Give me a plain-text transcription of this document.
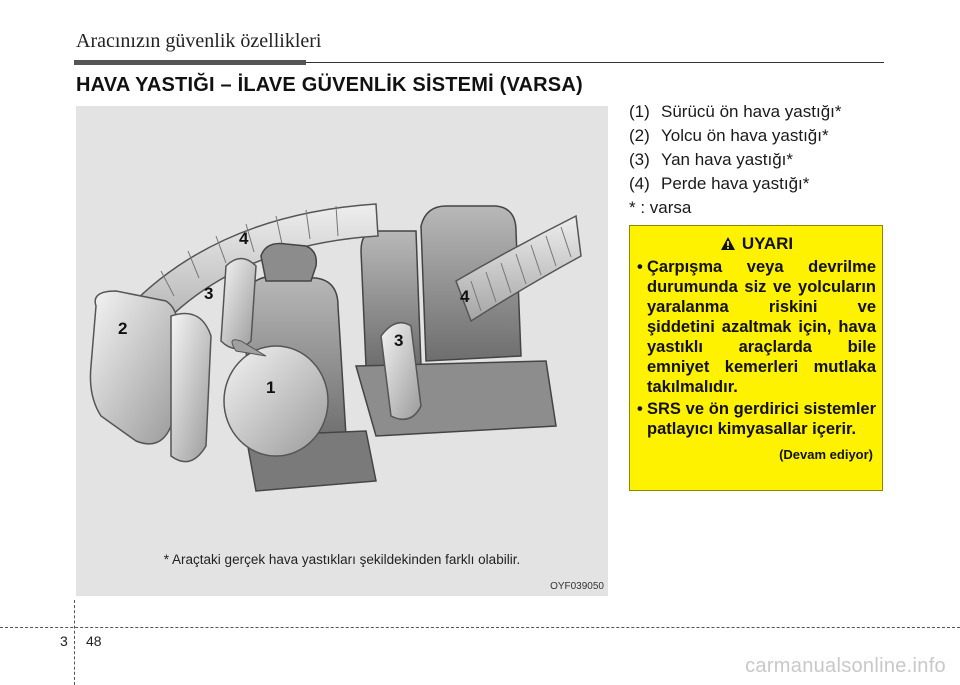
Aracınızın güvenlik özellikleri
HAVA YASTIĞI – İLAVE GÜVENLİK SİSTEMİ (VARSA)
1
2
3
3
4
4
* Araçtaki gerçek hava yastıkları şekildekinden farklı olabilir.
OYF039050
(1) Sürücü ön hava yastığı*
(2) Yolcu ön hava yastığı*
(3) Yan hava yastığı*
(4) Perde hava yastığı*
* : varsa
UYARI
• Çarpışma veya devrilme durumunda siz ve yolcuların yaralanma riskini ve şiddetini azaltmak için, hava yastıklı araçlarda bile emniyet kemerleri mutlaka takılmalıdır.
• SRS ve ön gerdirici sistemler patlayıcı kimyasallar içerir.
(Devam ediyor)
3 48
carmanualsonline.info
